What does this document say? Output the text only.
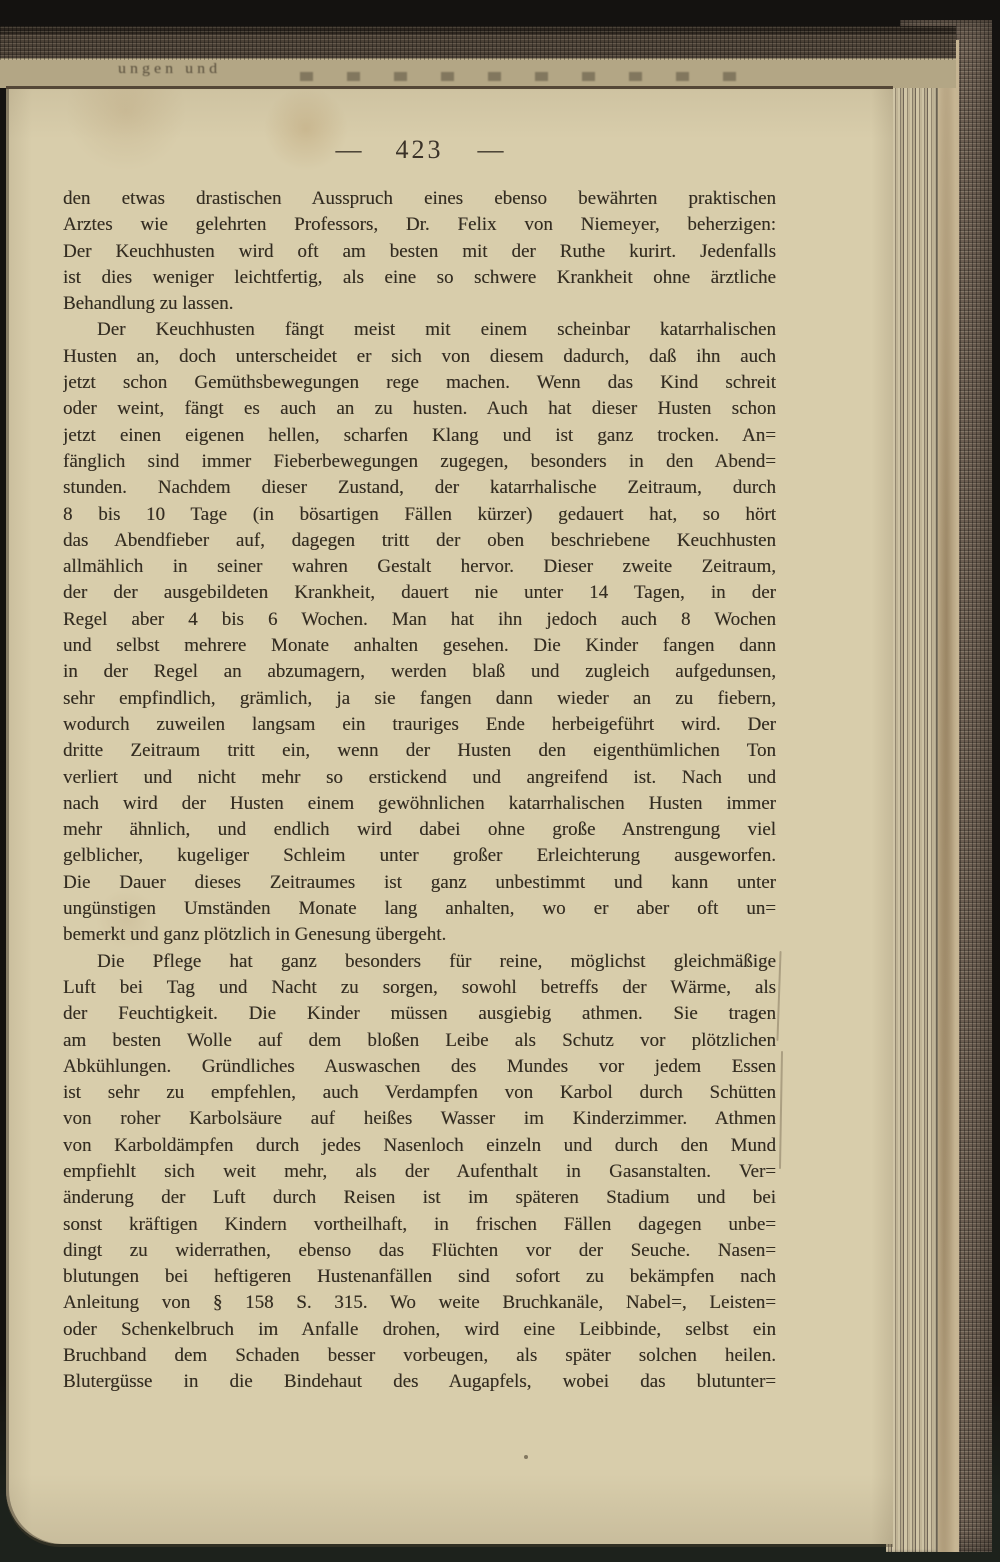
ungen und
— 423 —
den etwas drastischen Ausspruch eines ebenso bewährten praktischen
Arztes wie gelehrten Professors, Dr. Felix von Niemeyer, beherzigen:
Der Keuchhusten wird oft am besten mit der Ruthe kurirt. Jedenfalls
ist dies weniger leichtfertig, als eine so schwere Krankheit ohne ärztliche
Behandlung zu lassen.
Der Keuchhusten fängt meist mit einem scheinbar katarrhalischen
Husten an, doch unterscheidet er sich von diesem dadurch, daß ihn auch
jetzt schon Gemüthsbewegungen rege machen. Wenn das Kind schreit
oder weint, fängt es auch an zu husten. Auch hat dieser Husten schon
jetzt einen eigenen hellen, scharfen Klang und ist ganz trocken. An=
fänglich sind immer Fieberbewegungen zugegen, besonders in den Abend=
stunden. Nachdem dieser Zustand, der katarrhalische Zeitraum, durch
8 bis 10 Tage (in bösartigen Fällen kürzer) gedauert hat, so hört
das Abendfieber auf, dagegen tritt der oben beschriebene Keuchhusten
allmählich in seiner wahren Gestalt hervor. Dieser zweite Zeitraum,
der der ausgebildeten Krankheit, dauert nie unter 14 Tagen, in der
Regel aber 4 bis 6 Wochen. Man hat ihn jedoch auch 8 Wochen
und selbst mehrere Monate anhalten gesehen. Die Kinder fangen dann
in der Regel an abzumagern, werden blaß und zugleich aufgedunsen,
sehr empfindlich, grämlich, ja sie fangen dann wieder an zu fiebern,
wodurch zuweilen langsam ein trauriges Ende herbeigeführt wird. Der
dritte Zeitraum tritt ein, wenn der Husten den eigenthümlichen Ton
verliert und nicht mehr so erstickend und angreifend ist. Nach und
nach wird der Husten einem gewöhnlichen katarrhalischen Husten immer
mehr ähnlich, und endlich wird dabei ohne große Anstrengung viel
gelblicher, kugeliger Schleim unter großer Erleichterung ausgeworfen.
Die Dauer dieses Zeitraumes ist ganz unbestimmt und kann unter
ungünstigen Umständen Monate lang anhalten, wo er aber oft un=
bemerkt und ganz plötzlich in Genesung übergeht.
Die Pflege hat ganz besonders für reine, möglichst gleichmäßige
Luft bei Tag und Nacht zu sorgen, sowohl betreffs der Wärme, als
der Feuchtigkeit. Die Kinder müssen ausgiebig athmen. Sie tragen
am besten Wolle auf dem bloßen Leibe als Schutz vor plötzlichen
Abkühlungen. Gründliches Auswaschen des Mundes vor jedem Essen
ist sehr zu empfehlen, auch Verdampfen von Karbol durch Schütten
von roher Karbolsäure auf heißes Wasser im Kinderzimmer. Athmen
von Karboldämpfen durch jedes Nasenloch einzeln und durch den Mund
empfiehlt sich weit mehr, als der Aufenthalt in Gasanstalten. Ver=
änderung der Luft durch Reisen ist im späteren Stadium und bei
sonst kräftigen Kindern vortheilhaft, in frischen Fällen dagegen unbe=
dingt zu widerrathen, ebenso das Flüchten vor der Seuche. Nasen=
blutungen bei heftigeren Hustenanfällen sind sofort zu bekämpfen nach
Anleitung von § 158 S. 315. Wo weite Bruchkanäle, Nabel=, Leisten=
oder Schenkelbruch im Anfalle drohen, wird eine Leibbinde, selbst ein
Bruchband dem Schaden besser vorbeugen, als später solchen heilen.
Blutergüsse in die Bindehaut des Augapfels, wobei das blutunter=
